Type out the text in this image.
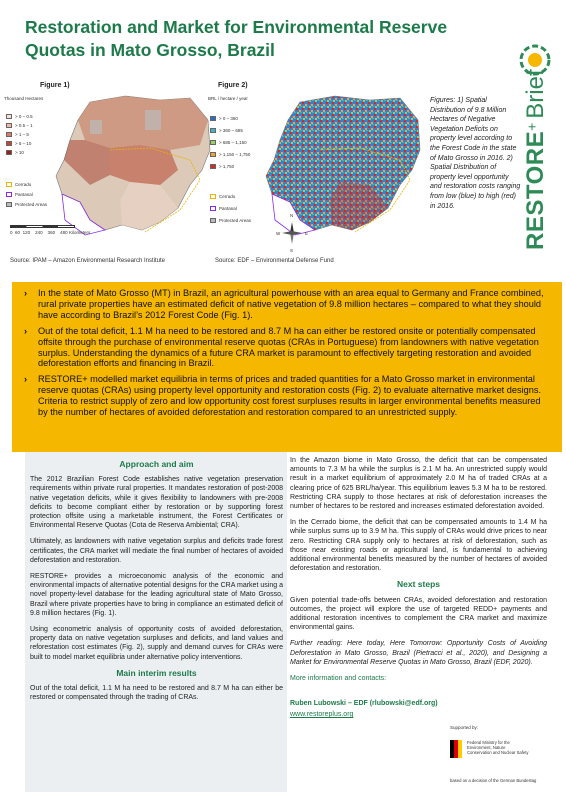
Restoration and Market for Environmental Reserve Quotas in Mato Grosso, Brazil
RESTORE+Brief
Figure 1)
Thousand Hectares
> 0 – 0.5
> 0.5 – 1
> 1 – 5
> 5 – 10
> 10
Cerrado
Pantanal
Protected Areas
0 60 120 240 360 480 Kilometers
Figure 2)
BRL / hectare / year
> 0 – 360
> 360 – 685
> 685 – 1,150
> 1,150 – 1,750
> 1,750
Cerrado
Pantanal
Protected Areas
N
W	E
S
Source: IPAM – Amazon Environmental Research Institute	Source: EDF – Environmental Defense Fund
Figures: 1) Spatial Distribution of 9.8 Million Hectares of Negative Vegetation Deficits on property level according to the Forest Code in the state of Mato Grosso in 2016. 2) Spatial Distribution of property level opportunity and restoration costs ranging from low (blue) to high (red) in 2016.
› In the state of Mato Grosso (MT) in Brazil, an agricultural powerhouse with an area equal to Germany and France combined, rural private properties have an estimated deficit of native vegetation of 9.8 million hectares – compared to what they should have according to Brazil’s 2012 Forest Code (Fig. 1).
› Out of the total deficit, 1.1 M ha need to be restored and 8.7 M ha can either be restored onsite or potentially compensated offsite through the purchase of environmental reserve quotas (CRAs in Portuguese) from landowners with native vegetation surplus. Understanding the dynamics of a future CRA market is paramount to effectively targeting restoration and avoided deforestation efforts and financing in Brazil.
› RESTORE+ modelled market equilibria in terms of prices and traded quantities for a Mato Grosso market in environmental reserve quotas (CRAs) using property level opportunity and restoration costs (Fig. 2) to evaluate alternative market designs. Criteria to restrict supply of zero and low opportunity cost forest surpluses results in larger environmental benefits measured by the number of hectares of avoided deforestation and restoration compared to an unrestricted supply.
Approach and aim
The 2012 Brazilian Forest Code establishes native vegetation preservation requirements within private rural properties. It mandates restoration of post-2008 native vegetation deficits, while it gives flexibility to landowners with pre-2008 deficits to become compliant either by restoration or by supporting forest protection offsite using a marketable instrument, the Forest Certificates or Environmental Reserve Quotas (Cota de Reserva Ambiental; CRA).
Ultimately, as landowners with native vegetation surplus and deficits trade forest certificates, the CRA market will mediate the final number of hectares of avoided deforestation and restoration.
RESTORE+ provides a microeconomic analysis of the economic and environmental impacts of alternative potential designs for the CRA market using a novel property-level database for the leading agricultural state of Mato Grosso, Brazil where private properties have to bring in compliance an estimated deficit of 9.8 million hectares (Fig. 1).
Using econometric analysis of opportunity costs of avoided deforestation, property data on native vegetation surpluses and deficits, and land values and reforestation cost estimates (Fig. 2), supply and demand curves for CRAs were built to model market equilibria under alternative policy interventions.
Main interim results
Out of the total deficit, 1.1 M ha need to be restored and 8.7 M ha can either be restored or compensated through the trading of CRAs.
In the Amazon biome in Mato Grosso, the deficit that can be compensated amounts to 7.3 M ha while the surplus is 2.1 M ha. An unrestricted supply would result in a market equilibrium of approximately 2.0 M ha of traded CRAs at a clearing price of 625 BRL/ha/year. This equilibrium leaves 5.3 M ha to be restored. Restricting CRA supply to those hectares at risk of deforestation increases the number of hectares to be restored and increases estimated deforestation avoided.
In the Cerrado biome, the deficit that can be compensated amounts to 1.4 M ha while surplus sums up to 3.9 M ha. This supply of CRAs would drive prices to near zero. Restricting CRA supply only to hectares at risk of deforestation, such as those near existing roads or agricultural land, is fundamental to achieving additional environmental benefits measured by the number of hectares of avoided deforestation and restoration.
Next steps
Given potential trade-offs between CRAs, avoided deforestation and restoration outcomes, the project will explore the use of targeted REDD+ payments and additional restoration incentives to complement the CRA market and maximize environmental gains.
Further reading: Here today, Here Tomorrow: Opportunity Costs of Avoiding Deforestation in Mato Grosso, Brazil (Pietracci et al., 2020), and Designing a Market for Environmental Reserve Quotas in Mato Grosso, Brazil (EDF, 2020).
More information and contacts:
Ruben Lubowski – EDF (rlubowski@edf.org)
www.restoreplus.org
Supported by:
Federal Ministry for the Environment, Nature Conservation and Nuclear Safety
based on a decision of the German Bundestag
